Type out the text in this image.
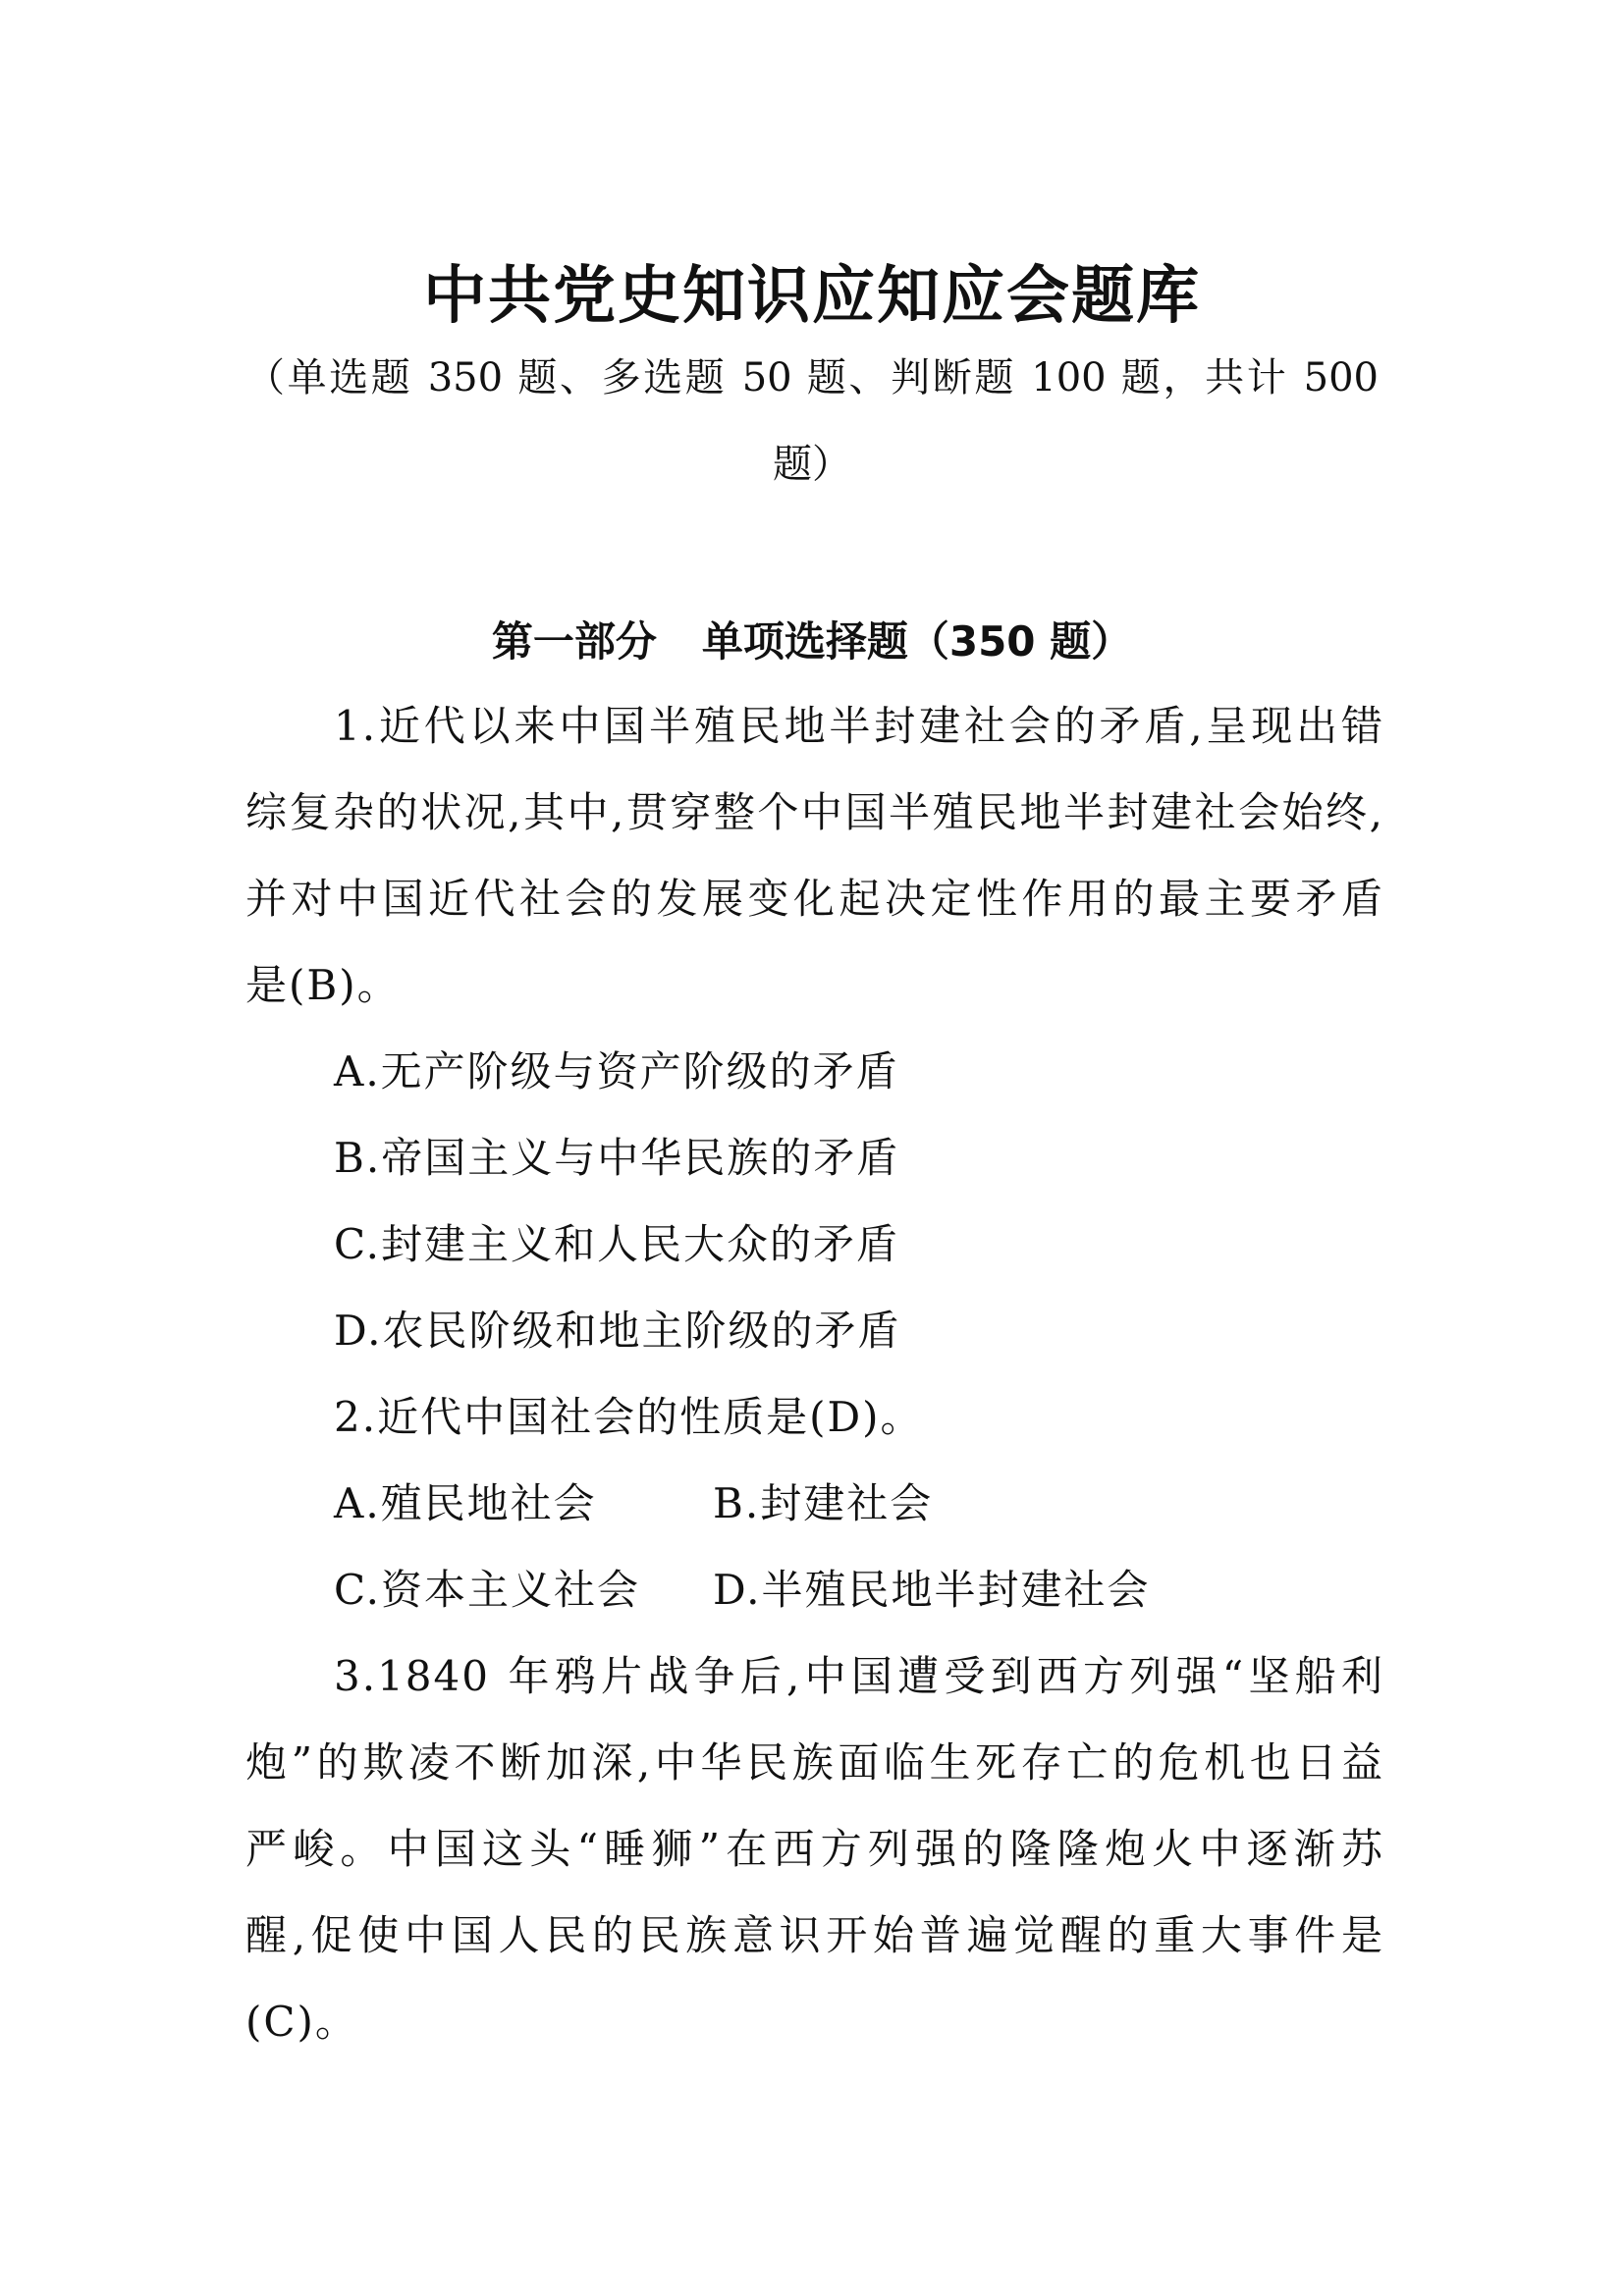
中共党史知识应知应会题库
（单选题 350 题、多选题 50 题、判断题 100 题，共计 500
题）
第一部分 单项选择题（350 题）
1.近代以来中国半殖民地半封建社会的矛盾,呈现出错
综复杂的状况,其中,贯穿整个中国半殖民地半封建社会始终,
并对中国近代社会的发展变化起决定性作用的最主要矛盾
是(B)。
A.无产阶级与资产阶级的矛盾
B.帝国主义与中华民族的矛盾
C.封建主义和人民大众的矛盾
D.农民阶级和地主阶级的矛盾
2.近代中国社会的性质是(D)。
A.殖民地社会	B.封建社会
C.资本主义社会 D.半殖民地半封建社会
3.1840 年鸦片战争后,中国遭受到西方列强“坚船利
炮”的欺凌不断加深,中华民族面临生死存亡的危机也日益
严峻。中国这头“睡狮”在西方列强的隆隆炮火中逐渐苏
醒,促使中国人民的民族意识开始普遍觉醒的重大事件是
(C)。
